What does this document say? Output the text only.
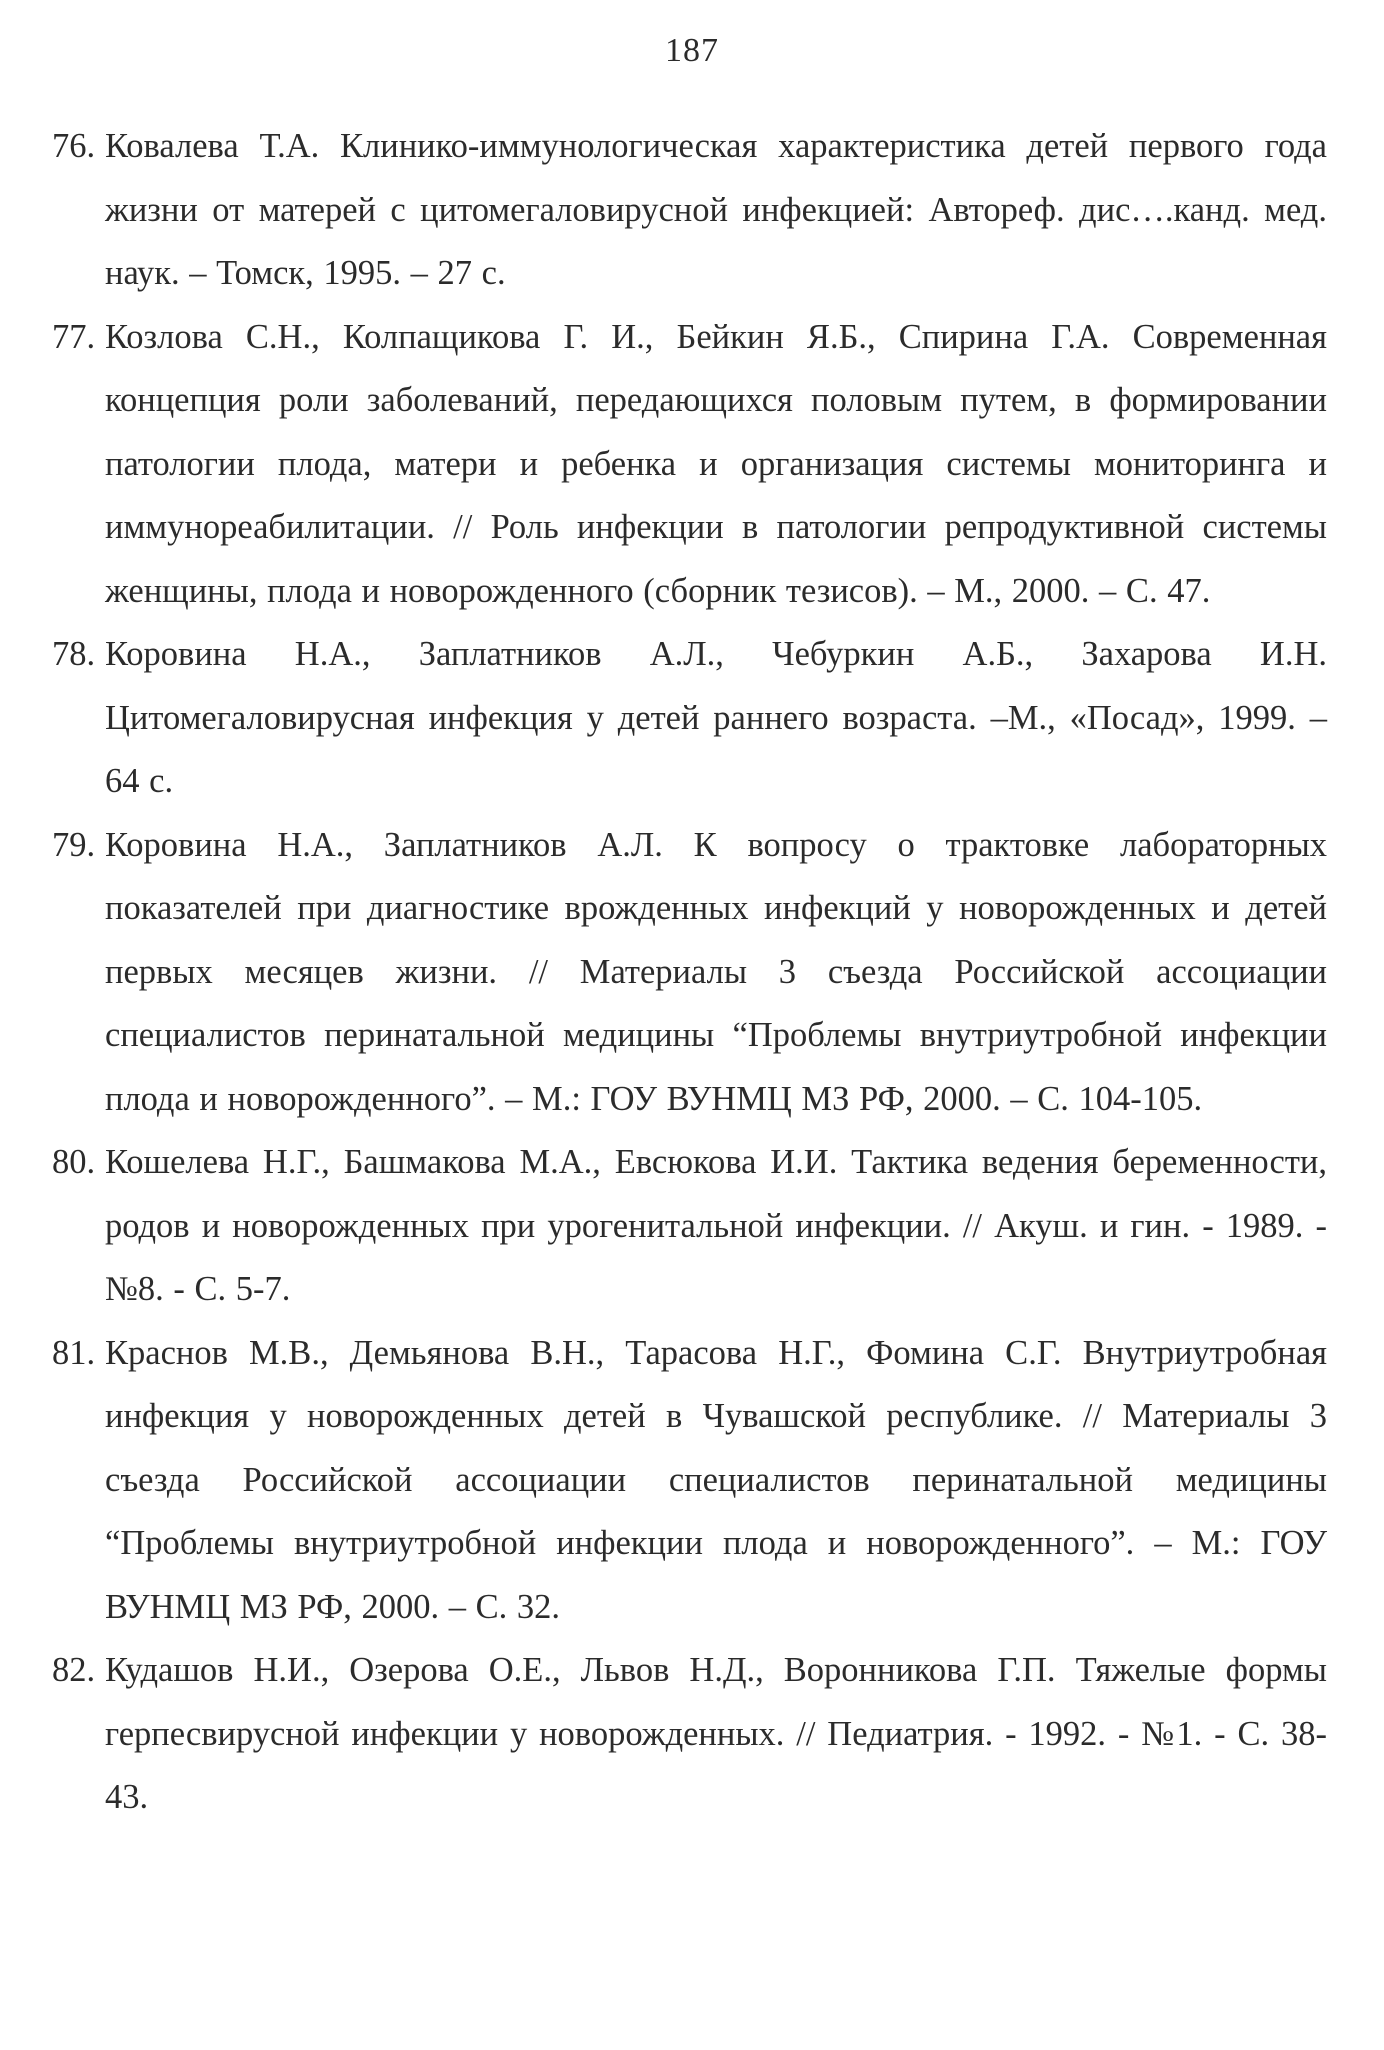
187
76. Ковалева Т.А. Клинико-иммунологическая характеристика детей первого года жизни от матерей с цитомегаловирусной инфекцией: Автореф. дис….канд. мед. наук. – Томск, 1995. – 27 с.
77. Козлова С.Н., Колпащикова Г. И., Бейкин Я.Б., Спирина Г.А. Современная концепция роли заболеваний, передающихся половым путем, в формировании патологии плода, матери и ребенка и организация системы мониторинга и иммунореабилитации. // Роль инфекции в патологии репродуктивной системы женщины, плода и новорожденного (сборник тезисов). – М., 2000. – С. 47.
78. Коровина Н.А., Заплатников А.Л., Чебуркин А.Б., Захарова И.Н. Цитомегаловирусная инфекция у детей раннего возраста. –М., «Посад», 1999. – 64 с.
79. Коровина Н.А., Заплатников А.Л. К вопросу о трактовке лабораторных показателей при диагностике врожденных инфекций у новорожденных и детей первых месяцев жизни. // Материалы 3 съезда Российской ассоциации специалистов перинатальной медицины “Проблемы внутриутробной инфекции плода и новорожденного”. – М.: ГОУ ВУНМЦ МЗ РФ, 2000. – С. 104-105.
80. Кошелева Н.Г., Башмакова М.А., Евсюкова И.И. Тактика ведения беременности, родов и новорожденных при урогенитальной инфекции. // Акуш. и гин. - 1989. - №8. - С. 5-7.
81. Краснов М.В., Демьянова В.Н., Тарасова Н.Г., Фомина С.Г. Внутриутробная инфекция у новорожденных детей в Чувашской республике. // Материалы 3 съезда Российской ассоциации специалистов перинатальной медицины “Проблемы внутриутробной инфекции плода и новорожденного”. – М.: ГОУ ВУНМЦ МЗ РФ, 2000. – С. 32.
82. Кудашов Н.И., Озерова О.Е., Львов Н.Д., Воронникова Г.П. Тяжелые формы герпесвирусной инфекции у новорожденных. // Педиатрия. - 1992. - №1. - С. 38-43.
